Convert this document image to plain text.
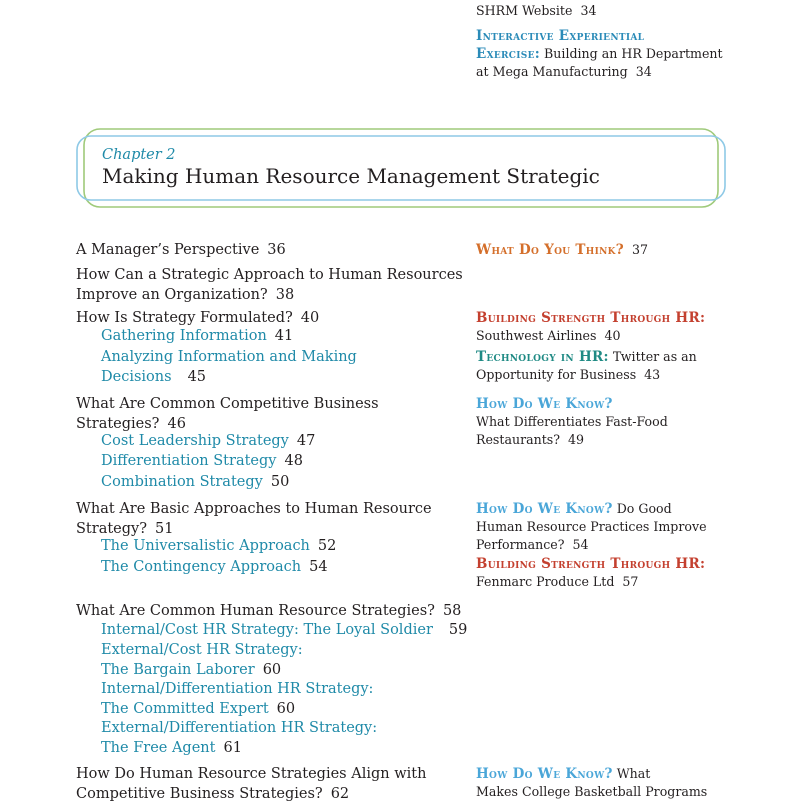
SHRM Website 34
Interactive Experiential
Exercise: Building an HR Department
at Mega Manufacturing 34
Chapter 2
Making Human Resource Management Strategic
A Manager’s Perspective 36
How Can a Strategic Approach to Human Resources
Improve an Organization? 38
How Is Strategy Formulated? 40
Gathering Information 41
Analyzing Information and Making Decisions 45
What Are Common Competitive Business
Strategies? 46
Cost Leadership Strategy 47
Differentiation Strategy 48
Combination Strategy 50
What Are Basic Approaches to Human Resource
Strategy? 51
The Universalistic Approach 52
The Contingency Approach 54
What Are Common Human Resource Strategies? 58
Internal/Cost HR Strategy: The Loyal Soldier 59
External/Cost HR Strategy:
The Bargain Laborer 60
Internal/Differentiation HR Strategy:
The Committed Expert 60
External/Differentiation HR Strategy:
The Free Agent 61
How Do Human Resource Strategies Align with
Competitive Business Strategies? 62
What Do You Think? 37
Building Strength Through HR:
Southwest Airlines 40
Technology in HR: Twitter as an
Opportunity for Business 43
How Do We Know?
What Differentiates Fast-Food
Restaurants? 49
How Do We Know? Do Good
Human Resource Practices Improve
Performance? 54
Building Strength Through HR:
Fenmarc Produce Ltd 57
How Do We Know? What
Makes College Basketball Programs
